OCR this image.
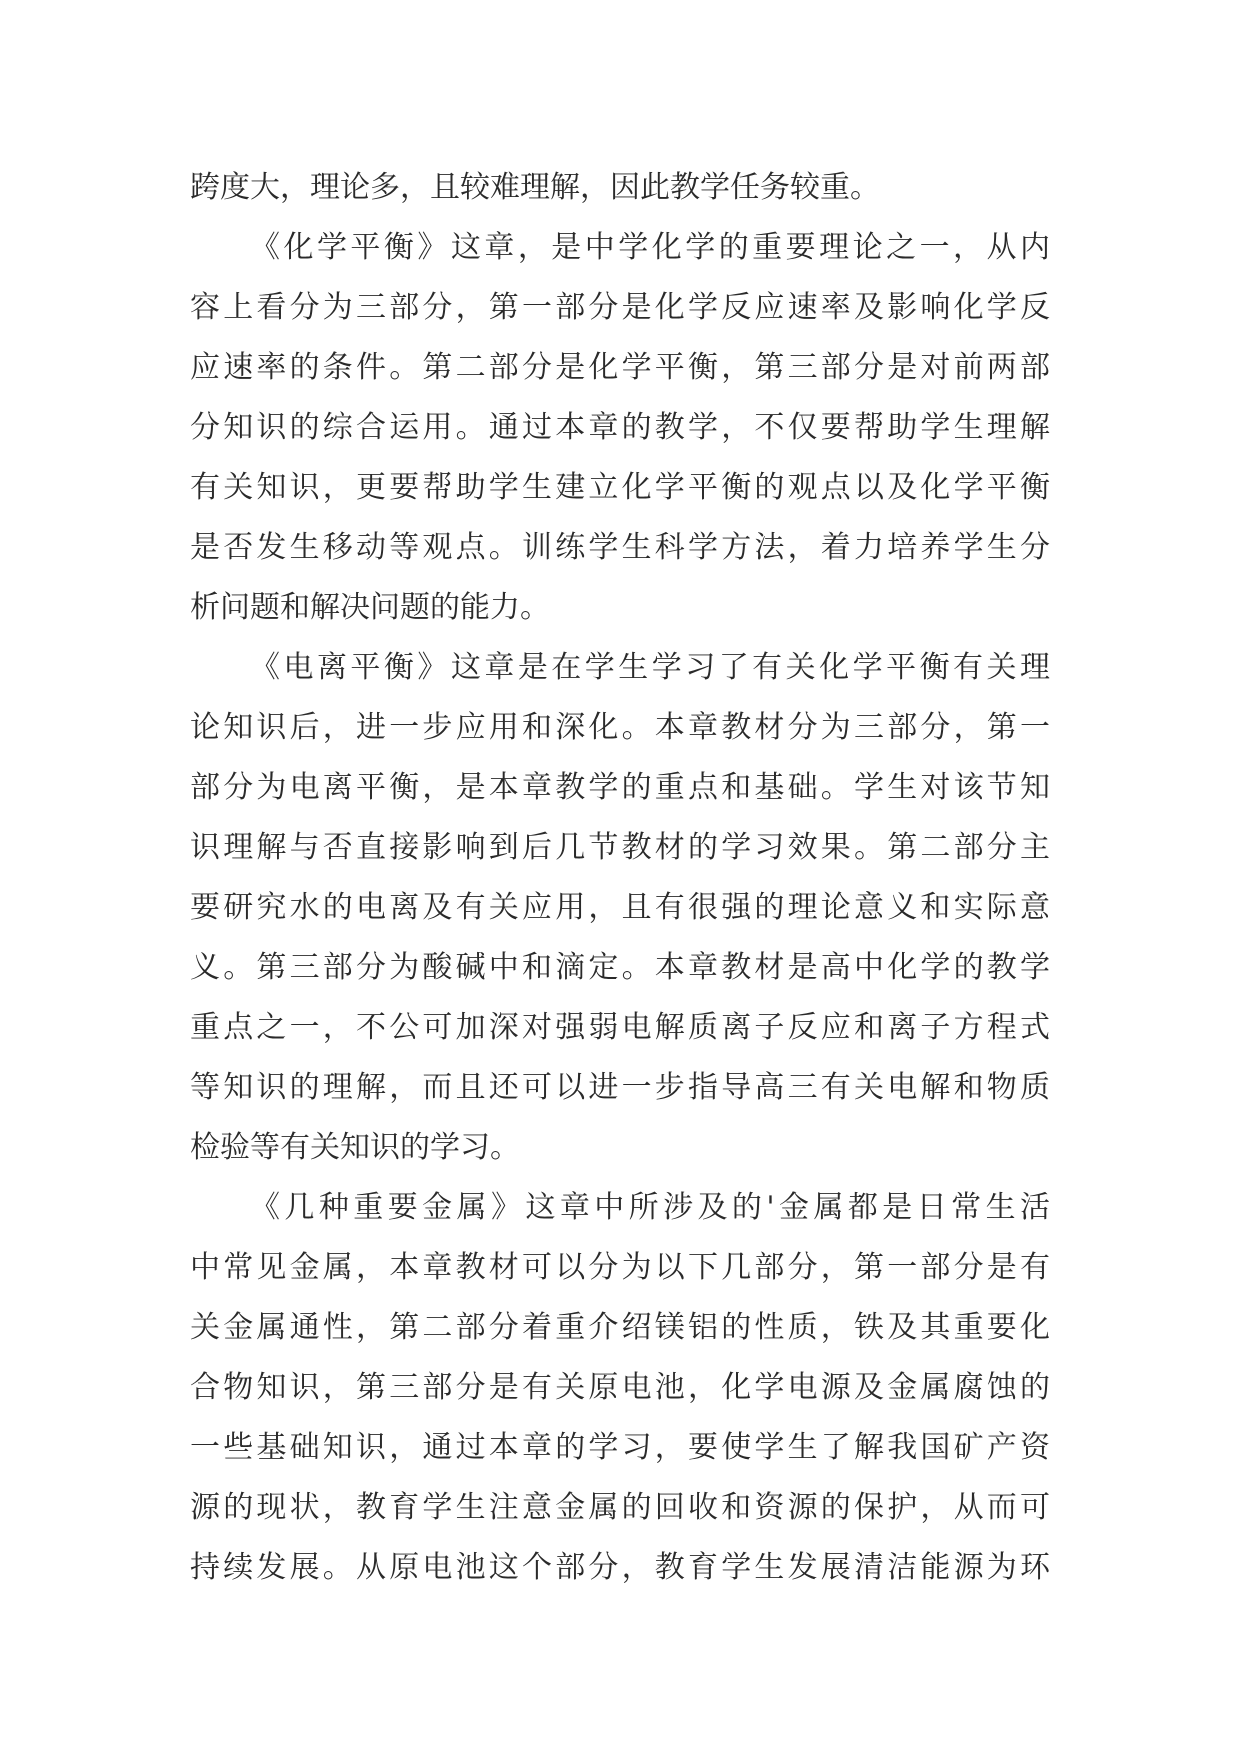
跨度大，理论多，且较难理解，因此教学任务较重。
《化学平衡》这章，是中学化学的重要理论之一，从内
容上看分为三部分，第一部分是化学反应速率及影响化学反
应速率的条件。第二部分是化学平衡，第三部分是对前两部
分知识的综合运用。通过本章的教学，不仅要帮助学生理解
有关知识，更要帮助学生建立化学平衡的观点以及化学平衡
是否发生移动等观点。训练学生科学方法，着力培养学生分
析问题和解决问题的能力。
《电离平衡》这章是在学生学习了有关化学平衡有关理
论知识后，进一步应用和深化。本章教材分为三部分，第一
部分为电离平衡，是本章教学的重点和基础。学生对该节知
识理解与否直接影响到后几节教材的学习效果。第二部分主
要研究水的电离及有关应用，且有很强的理论意义和实际意
义。第三部分为酸碱中和滴定。本章教材是高中化学的教学
重点之一，不公可加深对强弱电解质离子反应和离子方程式
等知识的理解，而且还可以进一步指导高三有关电解和物质
检验等有关知识的学习。
《几种重要金属》这章中所涉及的'金属都是日常生活
中常见金属，本章教材可以分为以下几部分，第一部分是有
关金属通性，第二部分着重介绍镁铝的性质，铁及其重要化
合物知识，第三部分是有关原电池，化学电源及金属腐蚀的
一些基础知识，通过本章的学习，要使学生了解我国矿产资
源的现状，教育学生注意金属的回收和资源的保护，从而可
持续发展。从原电池这个部分，教育学生发展清洁能源为环
